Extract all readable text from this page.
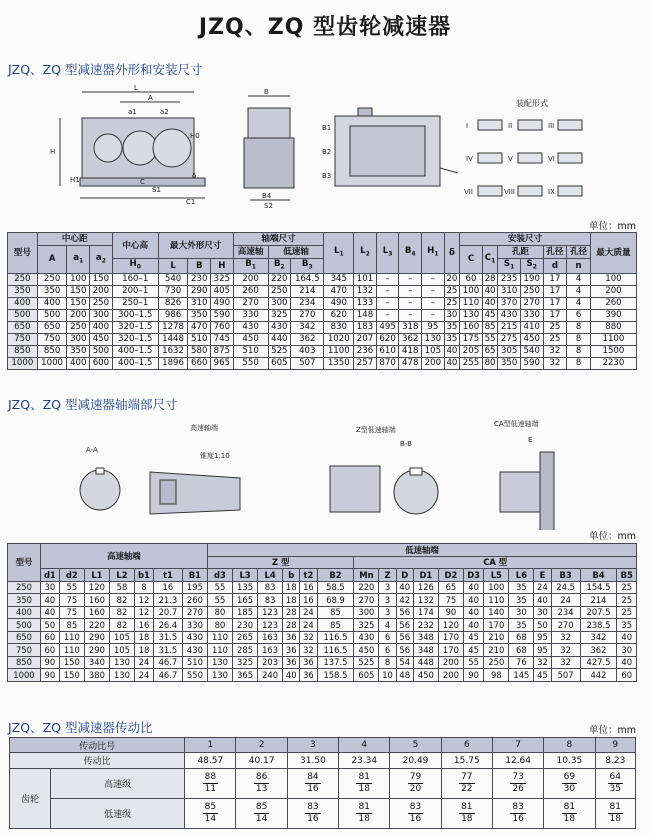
JZQ、ZQ 型齿轮减速器
JZQ、ZQ 型减速器外形和安装尺寸
L
A
a1	a2
H0
H
H1	C
S1
δ
S2
C1
B
B4
B1
B2
B3
装配形式
I	II	III
IV	V	VI
VII	VIII	IX
单位：mm
型号	中心距			中心高	最大外形尺寸			轴端尺寸			$L_1$	$L_2$	$L_3$	$B_4$	$H_1$	δ	安装尺寸						最大质量
	A	$a_1$	$a_2$					高速轴	低速轴								C	$C_1$	孔距		孔径	孔径	
				$H_0$	L	B	H	$B_1$	$B_2$	$B_3$									$S_1$	$S_2$	d	n	
250	250	100	150	160–1	540	230	325	200	220	164.5	345	101	–	–	–	20	60	28	235	190	17	4	100
350	350	150	200	200–1	730	290	405	260	250	214	470	132	–	–	–	25	100	40	310	250	17	4	200
400	400	150	250	250–1	826	310	490	270	300	234	490	133	–	–	–	25	110	40	370	270	17	4	260
500	500	200	300	300–1.5	986	350	590	330	325	270	620	148	–	–	–	30	130	45	430	330	17	6	390
650	650	250	400	320–1.5	1278	470	760	430	430	342	830	183	495	318	95	35	160	85	215	410	25	8	880
750	750	300	450	320–1.5	1448	510	745	450	440	362	1020	207	620	362	130	35	175	55	275	450	25	8	1100
850	850	350	500	400–1.5	1632	580	875	510	525	403	1100	236	610	418	105	40	205	65	305	540	32	8	1500
1000	1000	400	600	400–1.5	1896	660	965	550	605	507	1350	257	870	478	200	40	255	80	350	590	32	8	2230
JZQ、ZQ 型减速器轴端部尺寸
A-A
高速轴端
锥度1:10
Z型低速轴端
B-B
CA型低速轴端
E
单位：mm
型号	高速轴端							低速轴端																	
								Z 型						CA 型											
	d1	d2	L1	L2	b1	t1	B1	d3	L3	L4	b	t2	B2	Mn	Z	D	D1	D2	D3	L5	L6	E	B3	B4	B5
250	30	55	120	58	8	16	195	55	135	83	18	16	58.5	220	3	40	126	65	40	100	35	24	24.5	154.5	25
350	40	75	160	82	12	21.3	260	55	165	83	18	16	68.9	270	3	42	132	75	40	110	35	40	24	214	25
400	40	75	160	82	12	20.7	270	80	185	123	28	24	85	300	3	56	174	90	40	140	30	30	234	207.5	25
500	50	85	220	82	16	26.4	330	80	230	123	28	24	85	325	4	56	232	120	40	170	35	50	270	238.5	35
650	60	110	290	105	18	31.5	430	110	265	163	36	32	116.5	430	6	56	348	170	45	210	68	95	32	342	40
750	60	110	290	105	18	31.5	430	110	285	163	36	32	116.5	450	6	56	348	170	45	210	68	95	32	362	30
850	90	150	340	130	24	46.7	510	130	325	203	36	36	137.5	525	8	54	448	200	55	250	76	32	32	427.5	40
1000	90	150	380	130	24	46.7	550	130	365	240	40	36	158.5	605	10	48	450	200	90	98	145	45	507	442	60
JZQ、ZQ 型减速器传动比	单位：mm
传动比号		1	2	3	4	5	6	7	8	9
传动比		48.57	40.17	31.50	23.34	20.49	15.75	12.64	10.35	8.23
齿轮	高速级	$\frac{88}{11}$	$\frac{86}{13}$	$\frac{84}{16}$	$\frac{81}{18}$	$\frac{79}{20}$	$\frac{77}{22}$	$\frac{73}{26}$	$\frac{69}{30}$	$\frac{64}{35}$

	低速级	$\frac{85}{14}$	$\frac{85}{14}$	$\frac{83}{16}$	$\frac{81}{18}$	$\frac{83}{16}$	$\frac{81}{18}$	$\frac{83}{16}$	$\frac{81}{18}$	$\frac{81}{18}$
